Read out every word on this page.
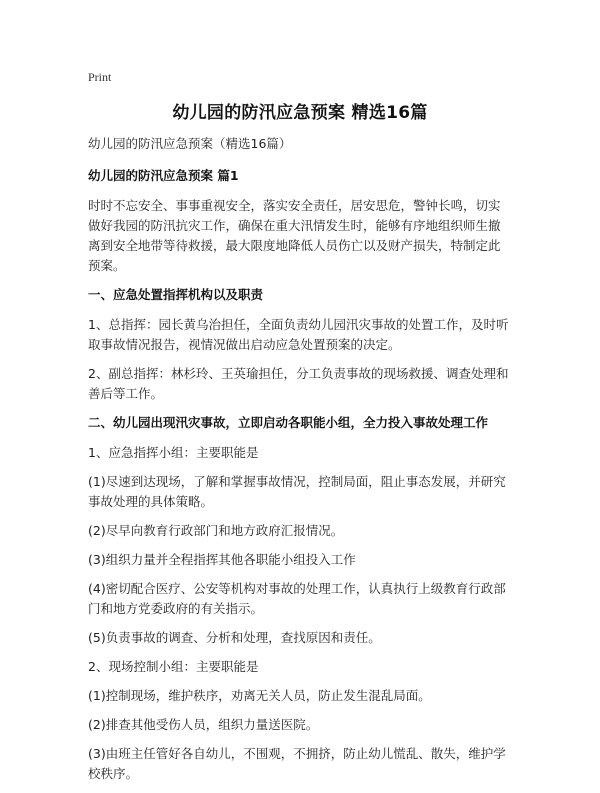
Print
幼儿园的防汛应急预案 精选16篇

幼儿园的防汛应急预案（精选16篇）

幼儿园的防汛应急预案 篇1

时时不忘安全、事事重视安全，落实安全责任，居安思危，警钟长鸣，切实做好我园的防汛抗灾工作，确保在重大汛情发生时，能够有序地组织师生撤离到安全地带等待救援，最大限度地降低人员伤亡以及财产损失，特制定此预案。

一、应急处置指挥机构以及职责

1、总指挥：园长黄乌治担任，全面负责幼儿园汛灾事故的处置工作，及时听取事故情况报告，视情况做出启动应急处置预案的决定。

2、副总指挥：林杉玲、王英瑜担任，分工负责事故的现场救援、调查处理和善后等工作。

二、幼儿园出现汛灾事故，立即启动各职能小组，全力投入事故处理工作

1、应急指挥小组：主要职能是

(1)尽速到达现场，了解和掌握事故情况，控制局面，阻止事态发展，并研究事故处理的具体策略。

(2)尽早向教育行政部门和地方政府汇报情况。

(3)组织力量并全程指挥其他各职能小组投入工作

(4)密切配合医疗、公安等机构对事故的处理工作，认真执行上级教育行政部门和地方党委政府的有关指示。

(5)负责事故的调查、分析和处理，查找原因和责任。

2、现场控制小组：主要职能是

(1)控制现场，维护秩序，劝离无关人员，防止发生混乱局面。

(2)排查其他受伤人员，组织力量送医院。

(3)由班主任管好各自幼儿，不围观，不拥挤，防止幼儿慌乱、散失，维护学校秩序。
